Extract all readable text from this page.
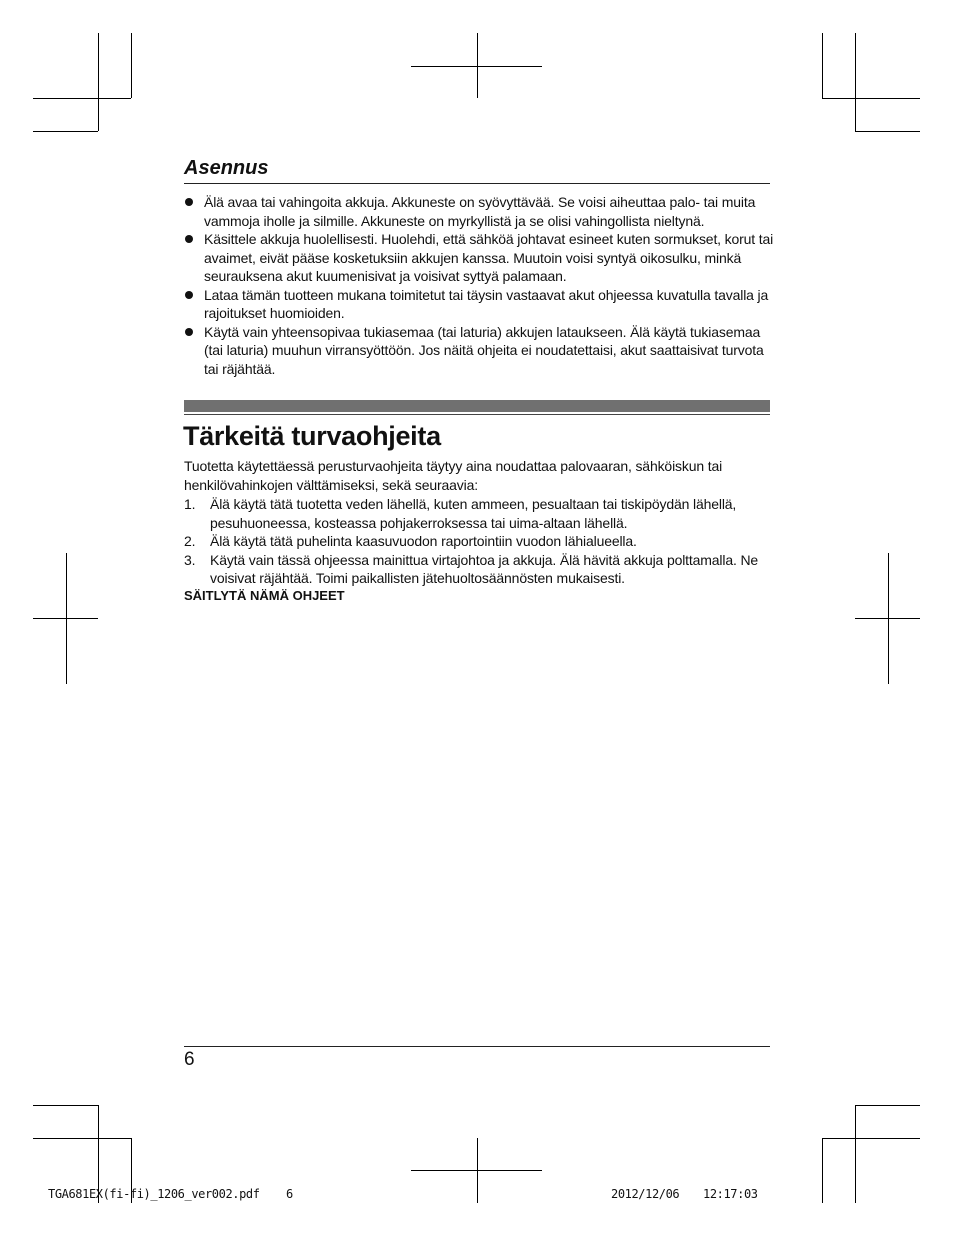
Asennus
Älä avaa tai vahingoita akkuja. Akkuneste on syövyttävää. Se voisi aiheuttaa palo- tai muita vammoja iholle ja silmille. Akkuneste on myrkyllistä ja se olisi vahingollista nieltynä.
Käsittele akkuja huolellisesti. Huolehdi, että sähköä johtavat esineet kuten sormukset, korut tai avaimet, eivät pääse kosketuksiin akkujen kanssa. Muutoin voisi syntyä oikosulku, minkä seurauksena akut kuumenisivat ja voisivat syttyä palamaan.
Lataa tämän tuotteen mukana toimitetut tai täysin vastaavat akut ohjeessa kuvatulla tavalla ja rajoitukset huomioiden.
Käytä vain yhteensopivaa tukiasemaa (tai laturia) akkujen lataukseen. Älä käytä tukiasemaa (tai laturia) muuhun virransyöttöön. Jos näitä ohjeita ei noudatettaisi, akut saattaisivat turvota tai räjähtää.
Tärkeitä turvaohjeita

Tuotetta käytettäessä perusturvaohjeita täytyy aina noudattaa palovaaran, sähköiskun tai henkilövahinkojen välttämiseksi, sekä seuraavia:

1. Älä käytä tätä tuotetta veden lähellä, kuten ammeen, pesualtaan tai tiskipöydän lähellä, pesuhuoneessa, kosteassa pohjakerroksessa tai uima-altaan lähellä.
2. Älä käytä tätä puhelinta kaasuvuodon raportointiin vuodon lähialueella.
3. Käytä vain tässä ohjeessa mainittua virtajohtoa ja akkuja. Älä hävitä akkuja polttamalla. Ne voisivat räjähtää. Toimi paikallisten jätehuoltosäännösten mukaisesti.

SÄITLYTÄ NÄMÄ OHJEET

6
TGA681EX(fi-fi)_1206_ver002.pdf 6	2012/12/06 12:17:03
